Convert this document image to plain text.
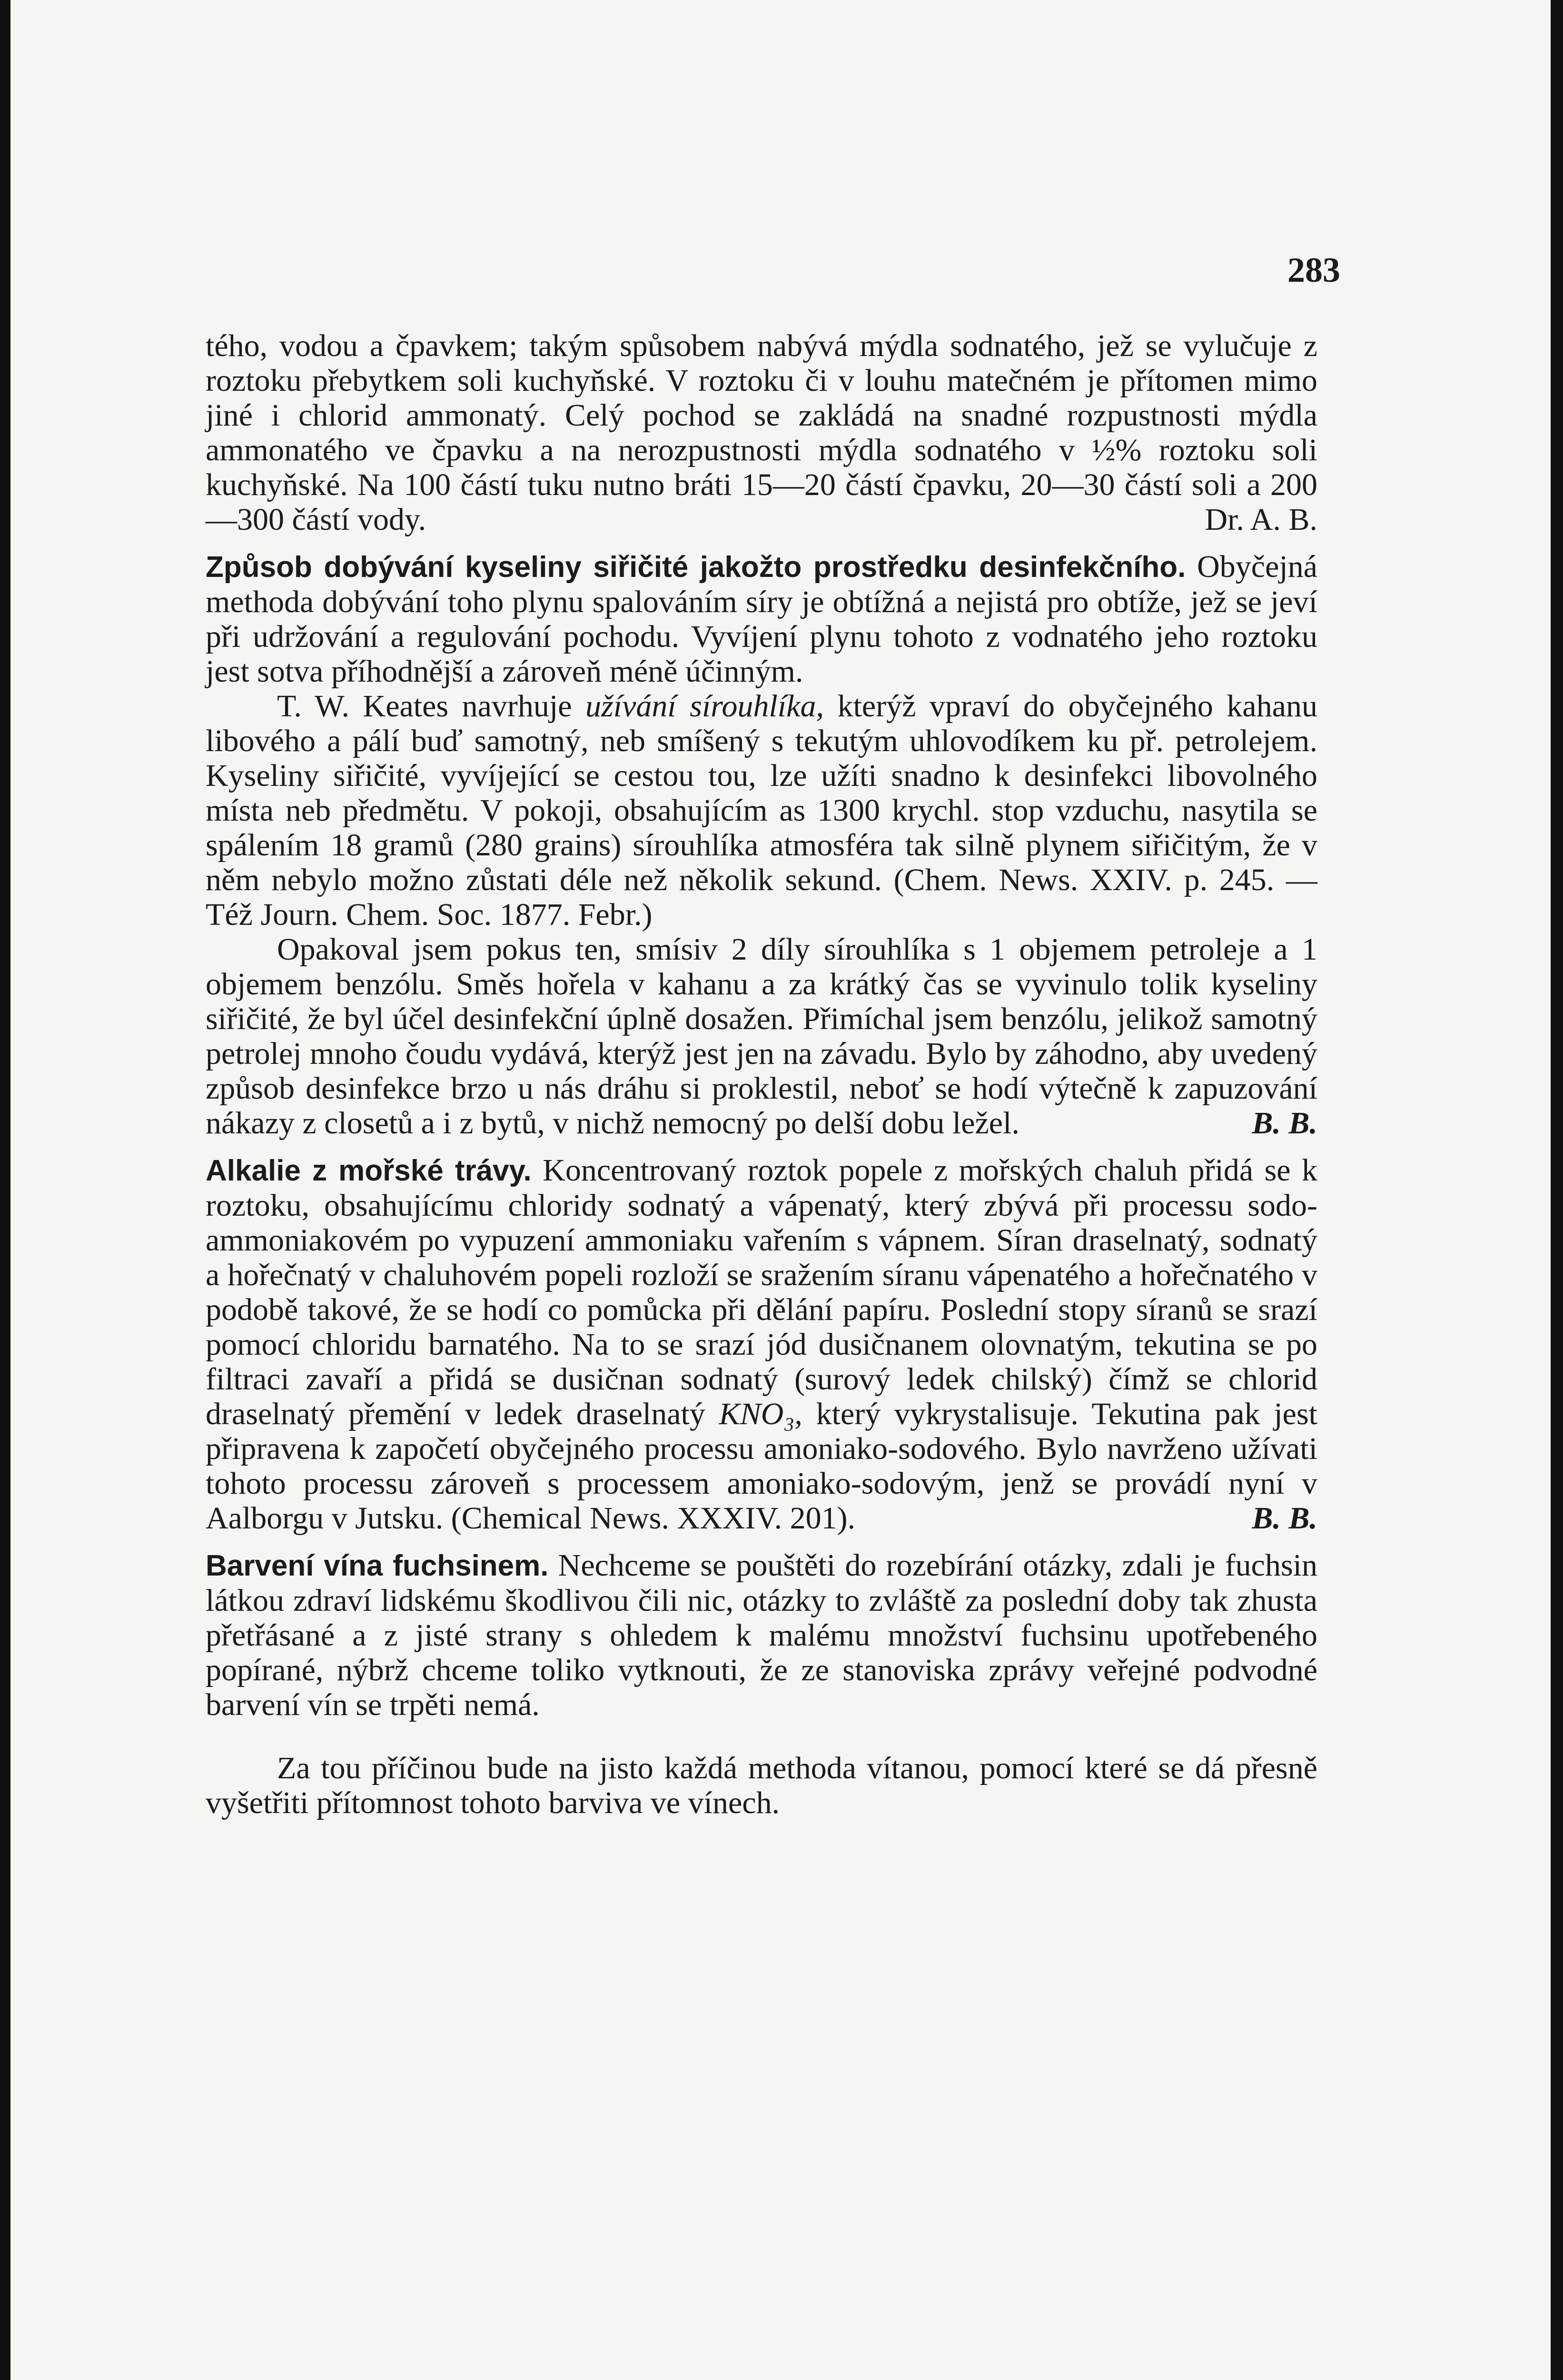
283

tého, vodou a čpavkem; takým spůsobem nabývá mýdla sodnatého, jež se vylučuje z roztoku přebytkem soli kuchyňské. V roztoku či v louhu matečném je přítomen mimo jiné i chlorid ammonatý. Celý pochod se zakládá na snadné rozpustnosti mýdla ammonatého ve čpavku a na nerozpustnosti mýdla sodnatého v ½% roztoku soli kuchyňské. Na 100 částí tuku nutno bráti 15—20 částí čpavku, 20—30 částí soli a 200—300 částí vody.	Dr. A. B.

Způsob dobývání kyseliny siřičité jakožto prostředku desinfekčního. Obyčejná methoda dobývání toho plynu spalováním síry je obtížná a nejistá pro obtíže, jež se jeví při udržování a regulování pochodu. Vyvíjení plynu tohoto z vodnatého jeho roztoku jest sotva příhodnější a zároveň méně účinným.

T. W. Keates navrhuje užívání sírouhlíka, kterýž vpraví do obyčejného kahanu libového a pálí buď samotný, neb smíšený s tekutým uhlovodíkem ku př. petrolejem. Kyseliny siřičité, vyvíjející se cestou tou, lze užíti snadno k desinfekci libovolného místa neb předmětu. V pokoji, obsahujícím as 1300 krychl. stop vzduchu, nasytila se spálením 18 gramů (280 grains) sírouhlíka atmosféra tak silně plynem siřičitým, že v něm nebylo možno zůstati déle než několik sekund. (Chem. News. XXIV. p. 245. — Též Journ. Chem. Soc. 1877. Febr.)

Opakoval jsem pokus ten, smísiv 2 díly sírouhlíka s 1 objemem petroleje a 1 objemem benzólu. Směs hořela v kahanu a za krátký čas se vyvinulo tolik kyseliny siřičité, že byl účel desinfekční úplně dosažen. Přimíchal jsem benzólu, jelikož samotný petrolej mnoho čoudu vydává, kterýž jest jen na závadu. Bylo by záhodno, aby uvedený způsob desinfekce brzo u nás dráhu si proklestil, neboť se hodí výtečně k zapuzování nákazy z closetů a i z bytů, v nichž nemocný po delší dobu ležel.	B. B.

Alkalie z mořské trávy. Koncentrovaný roztok popele z mořských chaluh přidá se k roztoku, obsahujícímu chloridy sodnatý a vápenatý, který zbývá při processu sodo-ammoniakovém po vypuzení ammoniaku vařením s vápnem. Síran draselnatý, sodnatý a hořečnatý v chaluhovém popeli rozloží se sražením síranu vápenatého a hořečnatého v podobě takové, že se hodí co pomůcka při dělání papíru. Poslední stopy síranů se srazí pomocí chloridu barnatého. Na to se srazí jód dusičnanem olovnatým, tekutina se po filtraci zavaří a přidá se dusičnan sodnatý (surový ledek chilský) čímž se chlorid draselnatý přemění v ledek draselnatý KNO₃, který vykrystalisuje. Tekutina pak jest připravena k započetí obyčejného processu amoniako-sodového. Bylo navrženo užívati tohoto processu zároveň s processem amoniako-sodovým, jenž se provádí nyní v Aalborgu v Jutsku. (Chemical News. XXXIV. 201).	B. B.

Barvení vína fuchsinem. Nechceme se pouštěti do rozebírání otázky, zdali je fuchsin látkou zdraví lidskému škodlivou čili nic, otázky to zvláště za poslední doby tak zhusta přetřásané a z jisté strany s ohledem k malému množství fuchsinu upotřebeného popírané, nýbrž chceme toliko vytknouti, že ze stanoviska zprávy veřejné podvodné barvení vín se trpěti nemá.

Za tou příčinou bude na jisto každá methoda vítanou, pomocí které se dá přesně vyšetřiti přítomnost tohoto barviva ve vínech.
